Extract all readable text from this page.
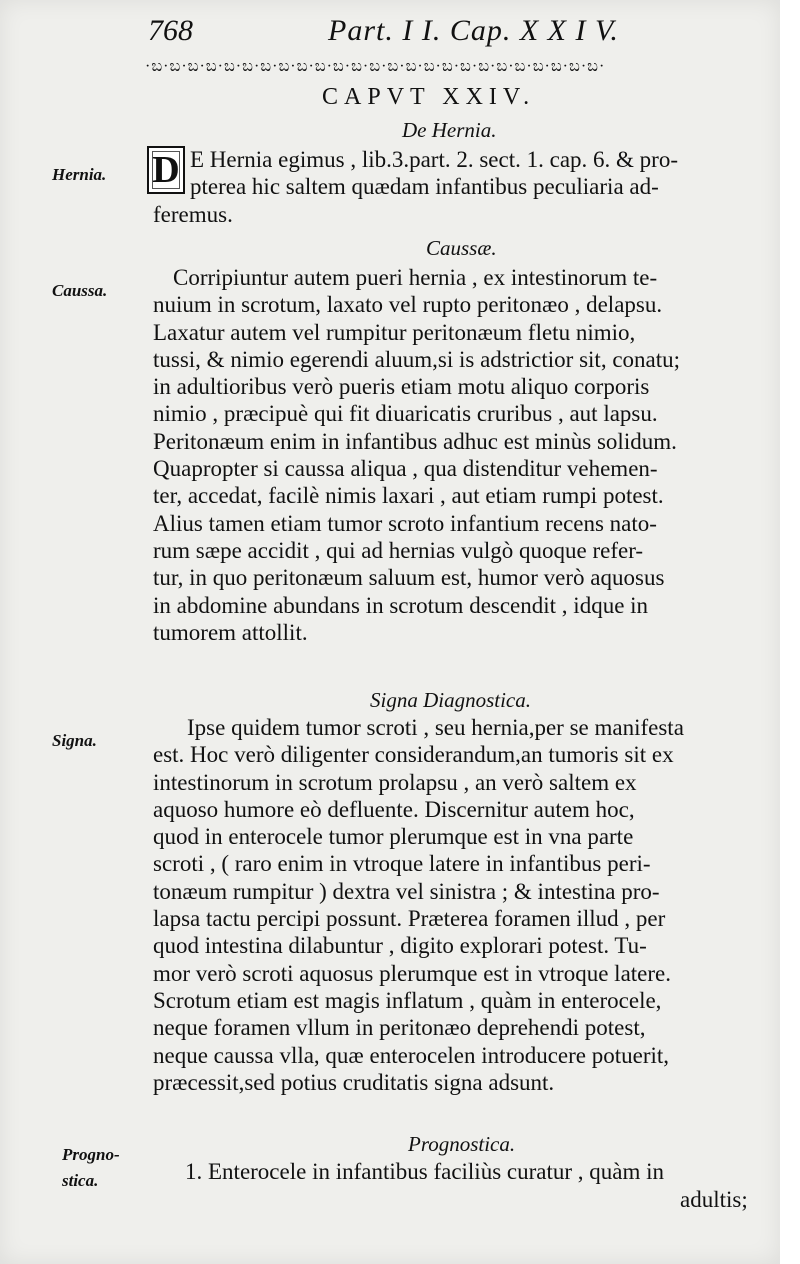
768	Part. I I. Cap. X X I V.
·ಬ·ಬ·ಬ·ಬ·ಬ·ಬ·ಬ·ಬ·ಬ·ಬ·ಬ·ಬ·ಬ·ಬ·ಬ·ಬ·ಬ·ಬ·ಬ·ಬ·ಬ·ಬ·ಬ·ಬ·ಬ·
CAPVT XXIV.
De Hernia.
Hernia.
Caussa.
Signa.
Progno-
stica.
D E Hernia egimus , lib.3.part. 2. sect. 1. cap. 6. & pro-
pterea hic saltem quædam infantibus peculiaria ad-
feremus.
Caussæ.
Corripiuntur autem pueri hernia , ex intestinorum te-
nuium in scrotum, laxato vel rupto peritonæo , delapsu.
Laxatur autem vel rumpitur peritonæum fletu nimio,
tussi, & nimio egerendi aluum,si is adstrictior sit, conatu;
in adultioribus verò pueris etiam motu aliquo corporis
nimio , præcipuè qui fit diuaricatis cruribus , aut lapsu.
Peritonæum enim in infantibus adhuc est minùs solidum.
Quapropter si caussa aliqua , qua distenditur vehemen-
ter, accedat, facilè nimis laxari , aut etiam rumpi potest.
Alius tamen etiam tumor scroto infantium recens nato-
rum sæpe accidit , qui ad hernias vulgò quoque refer-
tur, in quo peritonæum saluum est, humor verò aquosus
in abdomine abundans in scrotum descendit , idque in
tumorem attollit.
Signa Diagnostica.
Ipse quidem tumor scroti , seu hernia,per se manifesta
est. Hoc verò diligenter considerandum,an tumoris sit ex
intestinorum in scrotum prolapsu , an verò saltem ex
aquoso humore eò defluente. Discernitur autem hoc,
quod in enterocele tumor plerumque est in vna parte
scroti , ( raro enim in vtroque latere in infantibus peri-
tonæum rumpitur ) dextra vel sinistra ; & intestina pro-
lapsa tactu percipi possunt. Præterea foramen illud , per
quod intestina dilabuntur , digito explorari potest. Tu-
mor verò scroti aquosus plerumque est in vtroque latere.
Scrotum etiam est magis inflatum , quàm in enterocele,
neque foramen vllum in peritonæo deprehendi potest,
neque caussa vlla, quæ enterocelen introducere potuerit,
præcessit,sed potius cruditatis signa adsunt.
Prognostica.
1. Enterocele in infantibus faciliùs curatur , quàm in
adultis;
